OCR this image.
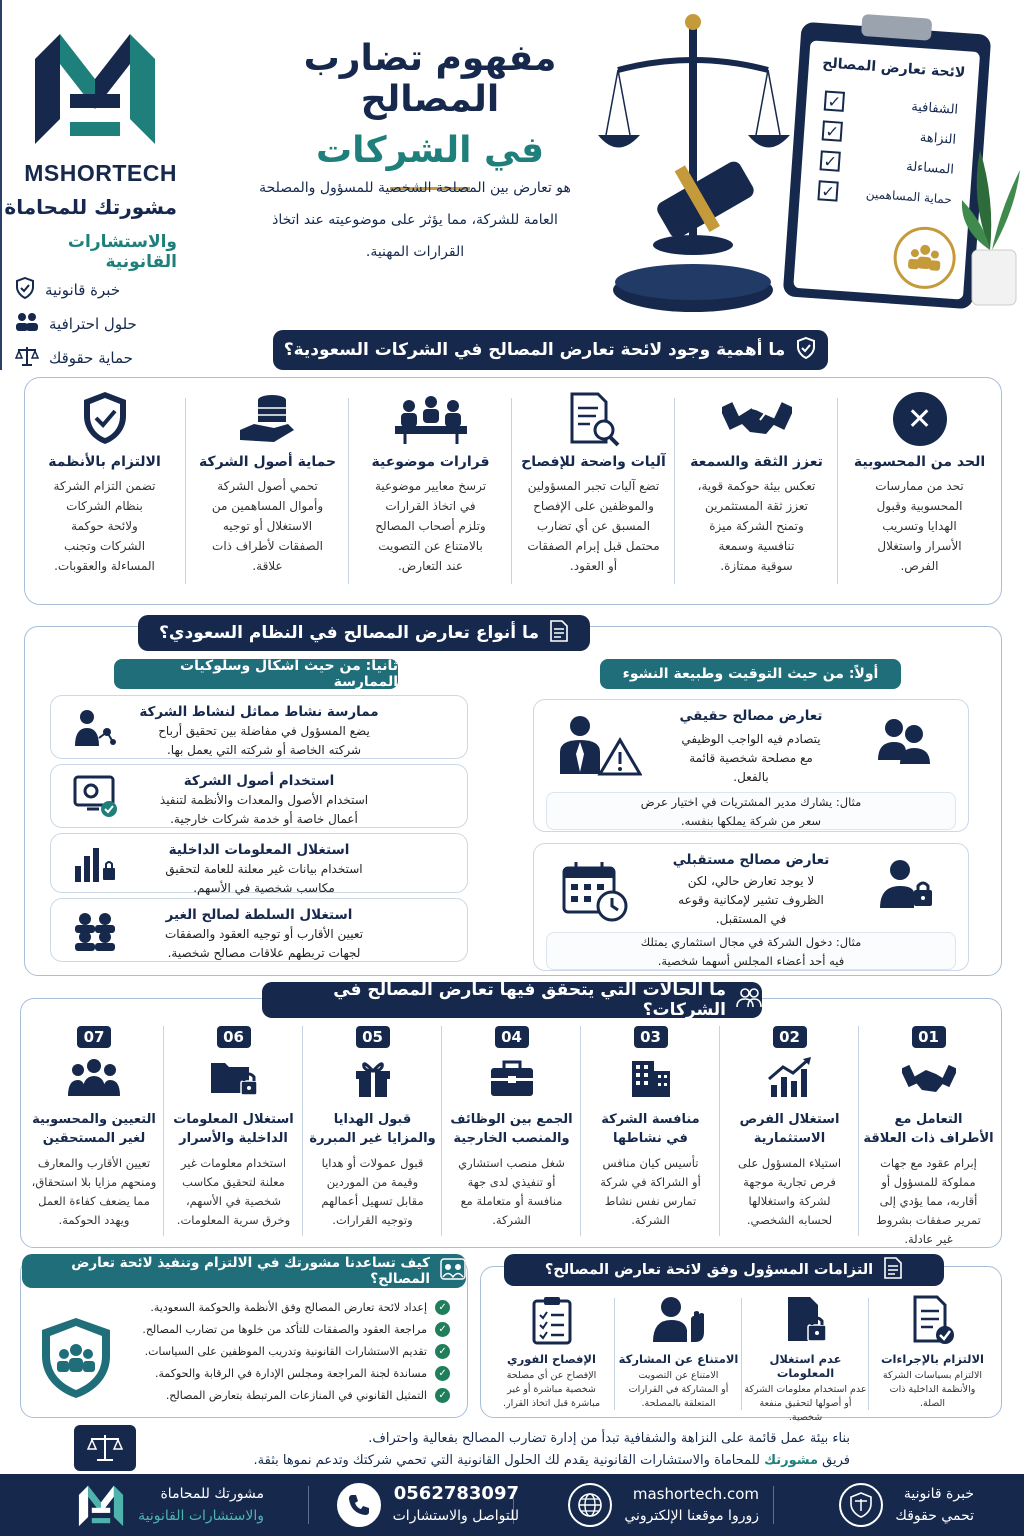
MSHORTECH
مشورتك للمحاماة
والاستشارات القانونية
خبرة قانونية
حلول احترافية
حماية حقوقك
مفهوم تضارب المصالح
في الشركات
هو تعارض بين المصلحة الشخصية للمسؤول والمصلحة
العامة للشركة، مما يؤثر على موضوعيته عند اتخاذ
القرارات المهنية.
لائحة تعارض المصالح
الشفافية
✓
النزاهة
✓
المساءلة
✓
حماية المساهمين
✓
ما أهمية وجود لائحة تعارض المصالح في الشركات السعودية؟
✕
الحد من المحسوبية

تحد من ممارسات
المحسوبية وقبول
الهدايا وتسريب
الأسرار واستغلال
الفرص.

تعزز الثقة والسمعة

تعكس بيئة حوكمة قوية،
تعزز ثقة المستثمرين
وتمنح الشركة ميزة
تنافسية وسمعة
سوقية ممتازة.

آليات واضحة للإفصاح

تضع آليات تجبر المسؤولين
والموظفين على الإفصاح
المسبق عن أي تضارب
محتمل قبل إبرام الصفقات
أو العقود.

قرارات موضوعية

ترسخ معايير موضوعية
في اتخاذ القرارات
وتلزم أصحاب المصالح
بالامتناع عن التصويت
عند التعارض.

حماية أصول الشركة

تحمي أصول الشركة
وأموال المساهمين من
الاستغلال أو توجيه
الصفقات لأطراف ذات
علاقة.

الالتزام بالأنظمة

تضمن التزام الشركة
بنظام الشركات
ولائحة حوكمة
الشركات وتجنب
المساءلة والعقوبات.

ما أنواع تعارض المصالح في النظام السعودي؟
أولاً: من حيث التوقيت وطبيعة النشوء
ثانيا: من حيث أشكال وسلوكيات الممارسة
تعارض مصالح حقيقي

يتصادم فيه الواجب الوظيفي
مع مصلحة شخصية قائمة
بالفعل.

مثال: يشارك مدير المشتريات في اختيار عرض
سعر من شركة يملكها بنفسه.

تعارض مصالح مستقبلي

لا يوجد تعارض حالي، لكن
الظروف تشير لإمكانية وقوعه
في المستقبل.

مثال: دخول الشركة في مجال استثماري يمتلك
فيه أحد أعضاء المجلس أسهما شخصية.

ممارسة نشاط مماثل لنشاط الشركة

يضع المسؤول في مفاضلة بين تحقيق أرباح
شركته الخاصة أو شركته التي يعمل بها.

استخدام أصول الشركة

استخدام الأصول والمعدات والأنظمة لتنفيذ
أعمال خاصة أو خدمة شركات خارجية.

استغلال المعلومات الداخلية

استخدام بيانات غير معلنة للعامة لتحقيق
مكاسب شخصية في الأسهم.

استغلال السلطة لصالح الغير

تعيين الأقارب أو توجيه العقود والصفقات
لجهات تربطهم علاقات مصالح شخصية.

ما الحالات التي يتحقق فيها تعارض المصالح في الشركات؟
01
التعامل مع
الأطراف ذات العلاقة

إبرام عقود مع جهات
مملوكة للمسؤول أو
أقاربه، مما يؤدي إلى
تمرير صفقات بشروط
غير عادلة.

02
استغلال الفرص
الاستثمارية

استيلاء المسؤول على
فرص تجارية موجهة
لشركة واستغلالها
لحسابه الشخصي.

03
منافسة الشركة
في نشاطها

تأسيس كيان منافس
أو الشراكة في شركة
تمارس نفس نشاط
الشركة.

04
الجمع بين الوظائف
والمنصب الخارجية

شغل منصب استشاري
أو تنفيذي لدى جهة
منافسة أو متعاملة مع
الشركة.

05
قبول الهدايا
والمزايا غير المبررة

قبول عمولات أو هدايا
وقيمة من الموردين
مقابل تسهيل أعمالهم
وتوجيه القرارات.

06
استغلال المعلومات
الداخلية والأسرار

استخدام معلومات غير
معلنة لتحقيق مكاسب
شخصية في الأسهم،
وخرق سرية المعلومات.

07
التعيين والمحسوبية
لغير المستحقين

تعيين الأقارب والمعارف
ومنحهم مزايا بلا استحقاق،
مما يضعف كفاءة العمل
ويهدد الحوكمة.

كيف تساعدنا مشورتك في الالتزام وتنفيذ لائحة تعارض المصالح؟
✓
إعداد لائحة تعارض المصالح وفق الأنظمة والحوكمة السعودية.
✓
مراجعة العقود والصفقات للتأكد من خلوها من تضارب المصالح.
✓
تقديم الاستشارات القانونية وتدريب الموظفين على السياسات.
✓
مساندة لجنة المراجعة ومجلس الإدارة في الرقابة والحوكمة.
✓
التمثيل القانوني في المنازعات المرتبطة بتعارض المصالح.
التزامات المسؤول وفق لائحة تعارض المصالح؟
الالتزام بالإجراءات

الالتزام بسياسات الشركة
والأنظمة الداخلية ذات
الصلة.

عدم استغلال المعلومات

عدم استخدام معلومات الشركة
أو أصولها لتحقيق منفعة
شخصية.

الامتناع عن المشاركة

الامتناع عن التصويت
أو المشاركة في القرارات
المتعلقة بالمصلحة.

الإفصاح الفوري

الإفصاح عن أي مصلحة
شخصية مباشرة أو غير
مباشرة قبل اتخاذ القرار.

بناء بيئة عمل قائمة على النزاهة والشفافية تبدأ من إدارة تضارب المصالح بفعالية واحتراف.
فريق مشورتك للمحاماة والاستشارات القانونية يقدم لك الحلول القانونية التي تحمي شركتك وتدعم نموها بثقة.
خبرة قانونية
تحمي حقوقك
mashortech.com
زوروا موقعنا الإلكتروني
0562783097
للتواصل والاستشارات
مشورتك للمحاماة
والاستشارات القانونية
